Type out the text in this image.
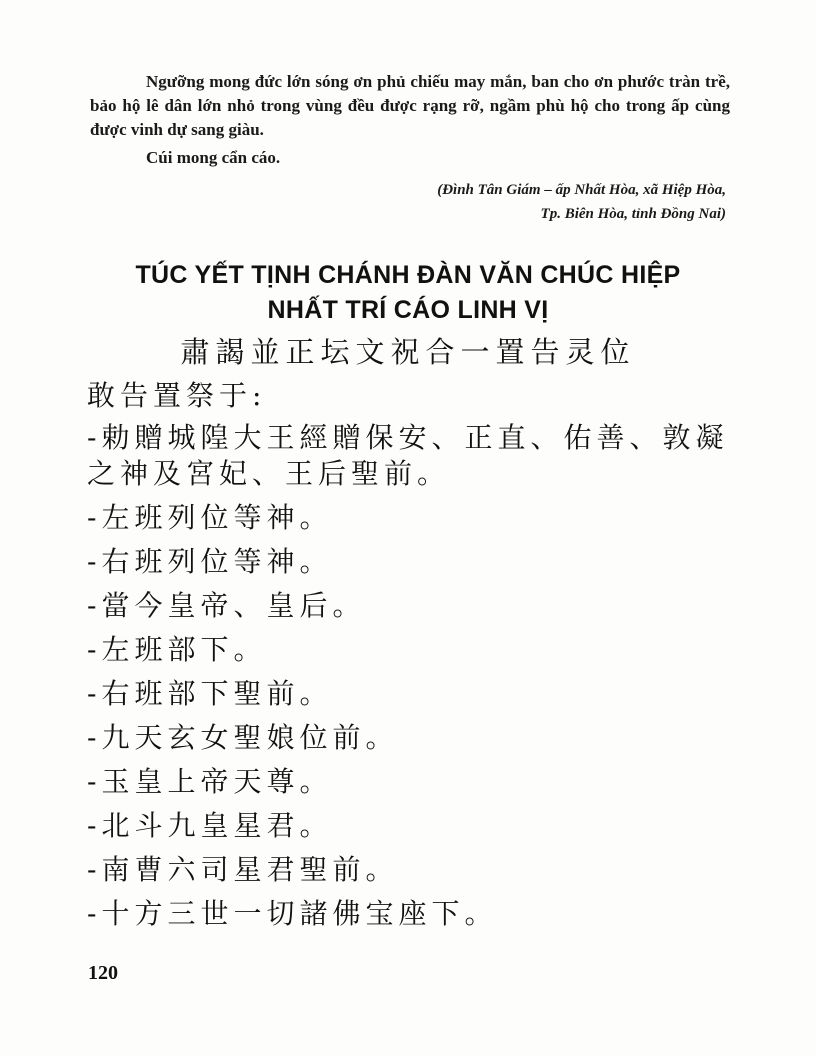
Ngưỡng mong đức lớn sóng ơn phủ chiếu may mắn, ban cho ơn phước tràn trề, bảo hộ lê dân lớn nhỏ trong vùng đều được rạng rỡ, ngầm phù hộ cho trong ấp cùng được vinh dự sang giàu.

Cúi mong cẩn cáo.

(Đình Tân Giám – ấp Nhất Hòa, xã Hiệp Hòa,
Tp. Biên Hòa, tỉnh Đồng Nai)
TÚC YẾT TỊNH CHÁNH ĐÀN VĂN CHÚC HIỆP
NHẤT TRÍ CÁO LINH VỊ
肅謁並正坛文祝合一置告灵位
敢告置祭于:
-勅贈城隍大王經贈保安、正直、佑善、敦凝
之神及宮妃、王后聖前。
-左班列位等神。
-右班列位等神。
-當今皇帝、皇后。
-左班部下。
-右班部下聖前。
-九天玄女聖娘位前。
-玉皇上帝天尊。
-北斗九皇星君。
-南曹六司星君聖前。
-十方三世一切諸佛宝座下。
120
